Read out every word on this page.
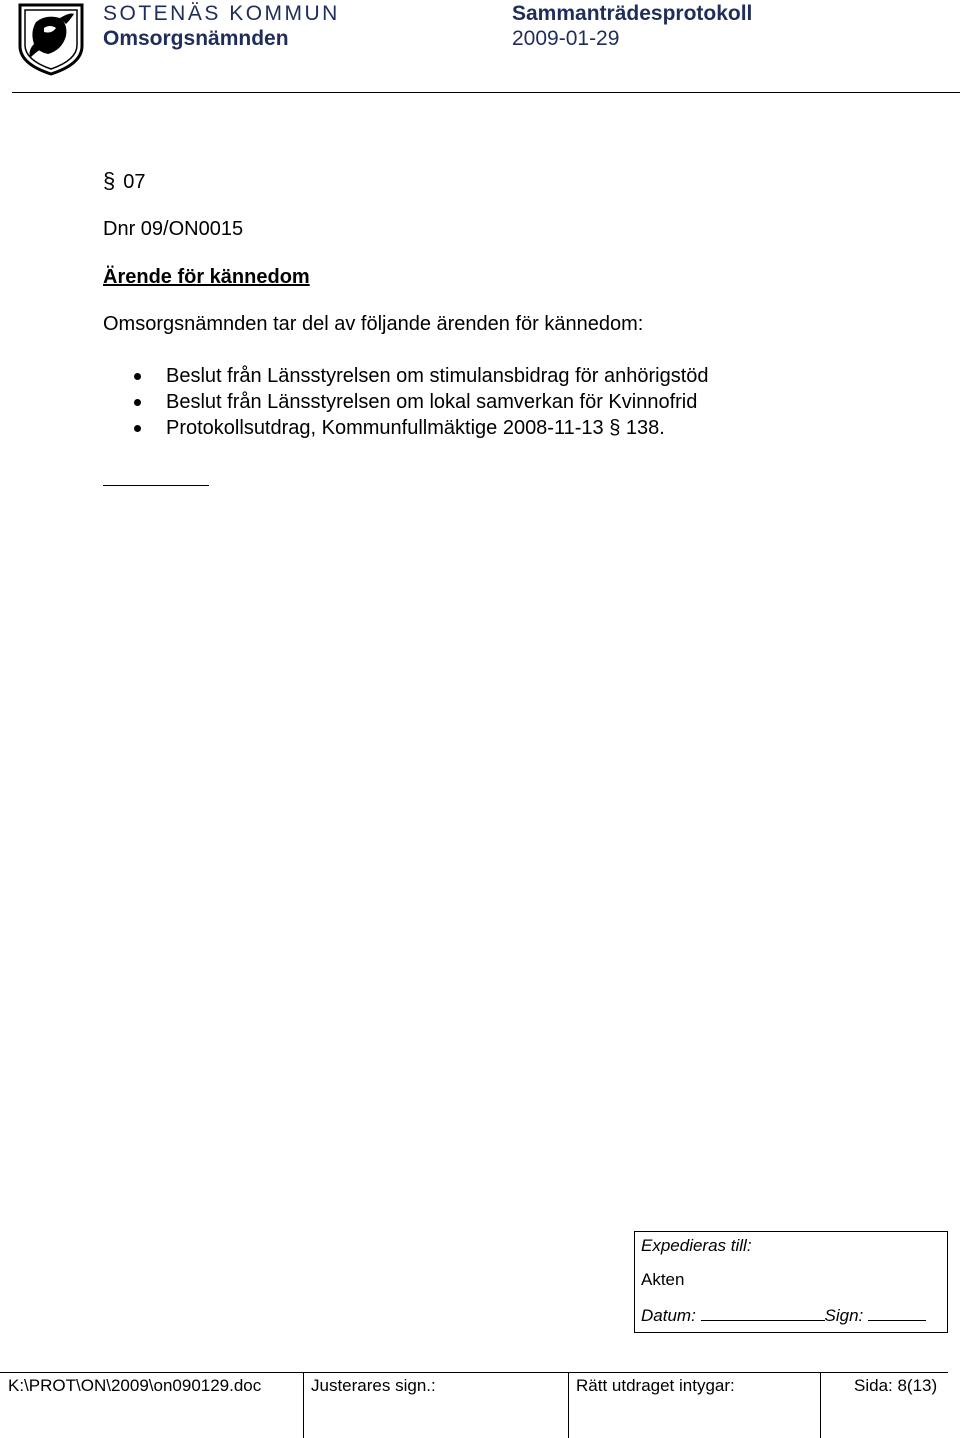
SOTENÄS KOMMUN
Omsorgsnämnden
Sammanträdesprotokoll
2009-01-29
§ 07
Dnr 09/ON0015
Ärende för kännedom
Omsorgsnämnden tar del av följande ärenden för kännedom:
Beslut från Länsstyrelsen om stimulansbidrag för anhörigstöd
Beslut från Länsstyrelsen om lokal samverkan för Kvinnofrid
Protokollsutdrag, Kommunfullmäktige 2008-11-13 § 138.
Expedieras till:
Akten
Datum:	Sign:
K:\PROT\ON\2009\on090129.doc	Justerares sign.:	Rätt utdraget intygar:	Sida: 8(13)
